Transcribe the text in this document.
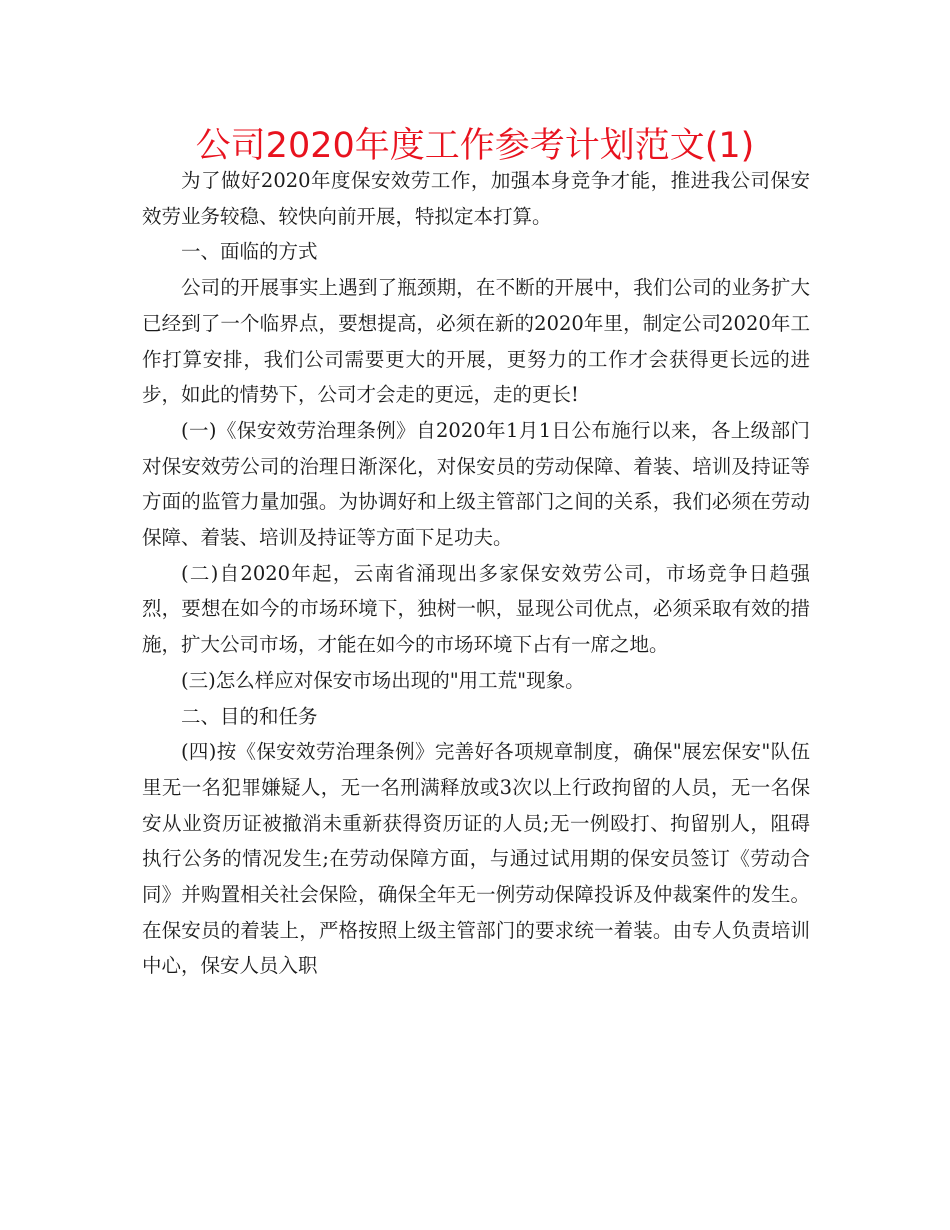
公司2020年度工作参考计划范文(1)

为了做好2020年度保安效劳工作，加强本身竞争才能，推进我公司保安效劳业务较稳、较快向前开展，特拟定本打算。

一、面临的方式

公司的开展事实上遇到了瓶颈期，在不断的开展中，我们公司的业务扩大已经到了一个临界点，要想提高，必须在新的2020年里，制定公司2020年工作打算安排，我们公司需要更大的开展，更努力的工作才会获得更长远的进步，如此的情势下，公司才会走的更远，走的更长!

(一)《保安效劳治理条例》自2020年1月1日公布施行以来，各上级部门对保安效劳公司的治理日渐深化，对保安员的劳动保障、着装、培训及持证等方面的监管力量加强。为协调好和上级主管部门之间的关系，我们必须在劳动保障、着装、培训及持证等方面下足功夫。

(二)自2020年起，云南省涌现出多家保安效劳公司，市场竞争日趋强烈，要想在如今的市场环境下，独树一帜，显现公司优点，必须采取有效的措施，扩大公司市场，才能在如今的市场环境下占有一席之地。

(三)怎么样应对保安市场出现的"用工荒"现象。

二、目的和任务

(四)按《保安效劳治理条例》完善好各项规章制度，确保"展宏保安"队伍里无一名犯罪嫌疑人，无一名刑满释放或3次以上行政拘留的人员，无一名保安从业资历证被撤消未重新获得资历证的人员;无一例殴打、拘留别人，阻碍执行公务的情况发生;在劳动保障方面，与通过试用期的保安员签订《劳动合同》并购置相关社会保险，确保全年无一例劳动保障投诉及仲裁案件的发生。在保安员的着装上，严格按照上级主管部门的要求统一着装。由专人负责培训中心，保安人员入职
